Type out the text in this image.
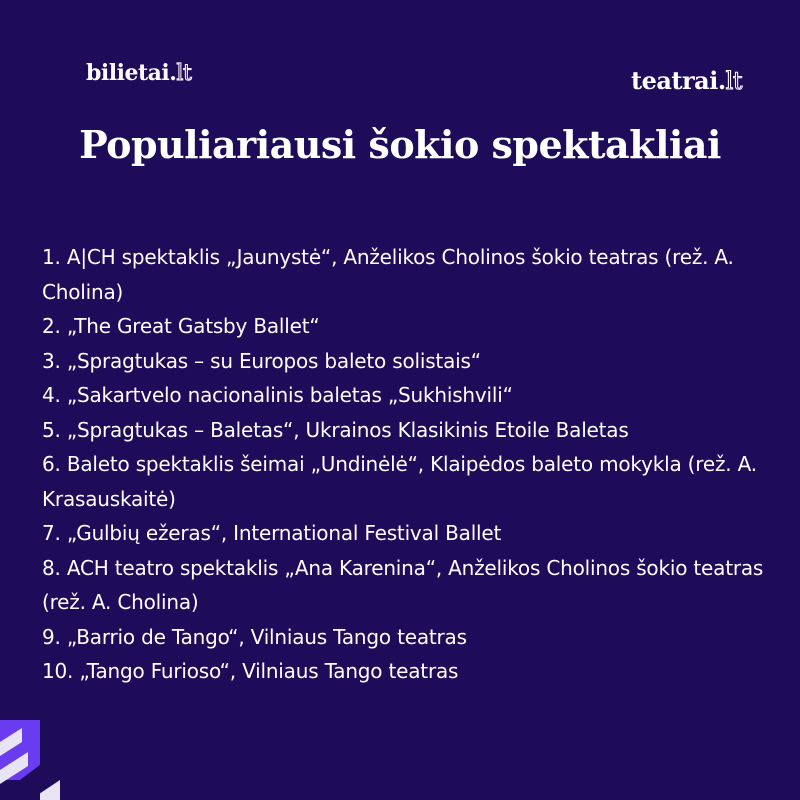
bilietai.lt	teatrai.lt
Populiariausi šokio spektakliai
1. A|CH spektaklis „Jaunystė“, Anželikos Cholinos šokio teatras (rež. A. Cholina)
2. „The Great Gatsby Ballet“
3. „Spragtukas – su Europos baleto solistais“
4. „Sakartvelo nacionalinis baletas „Sukhishvili“
5. „Spragtukas – Baletas“, Ukrainos Klasikinis Etoile Baletas
6. Baleto spektaklis šeimai „Undinėlė“, Klaipėdos baleto mokykla (rež. A. Krasauskaitė)
7. „Gulbių ežeras“, International Festival Ballet
8. ACH teatro spektaklis „Ana Karenina“, Anželikos Cholinos šokio teatras (rež. A. Cholina)
9. „Barrio de Tango“, Vilniaus Tango teatras
10. „Tango Furioso“, Vilniaus Tango teatras
